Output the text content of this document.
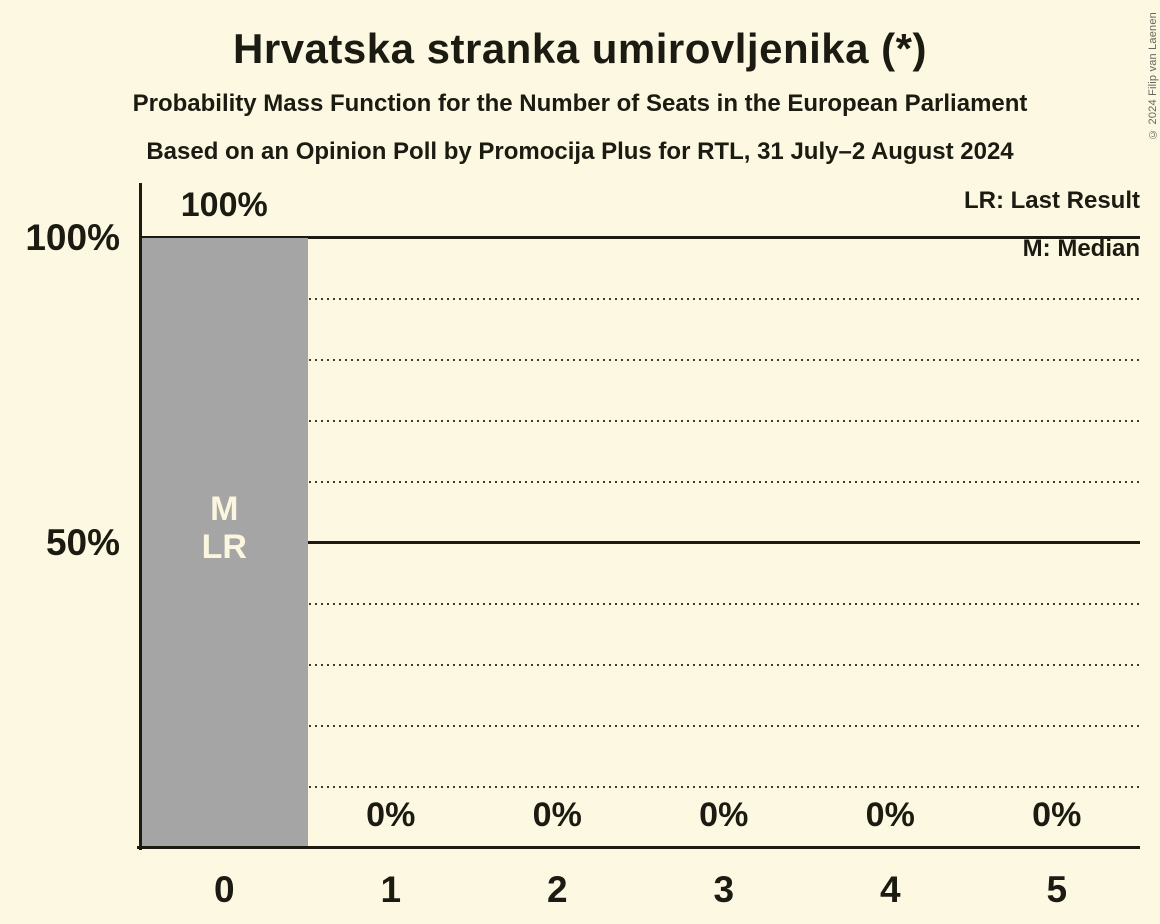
Hrvatska stranka umirovljenika (*)
Probability Mass Function for the Number of Seats in the European Parliament
Based on an Opinion Poll by Promocija Plus for RTL, 31 July–2 August 2024
© 2024 Filip van Laenen
LR: Last Result
M: Median
100%
0%	0%	0%	0%	0%
M
LR
0	1	2	3	4	5
100%
50%
